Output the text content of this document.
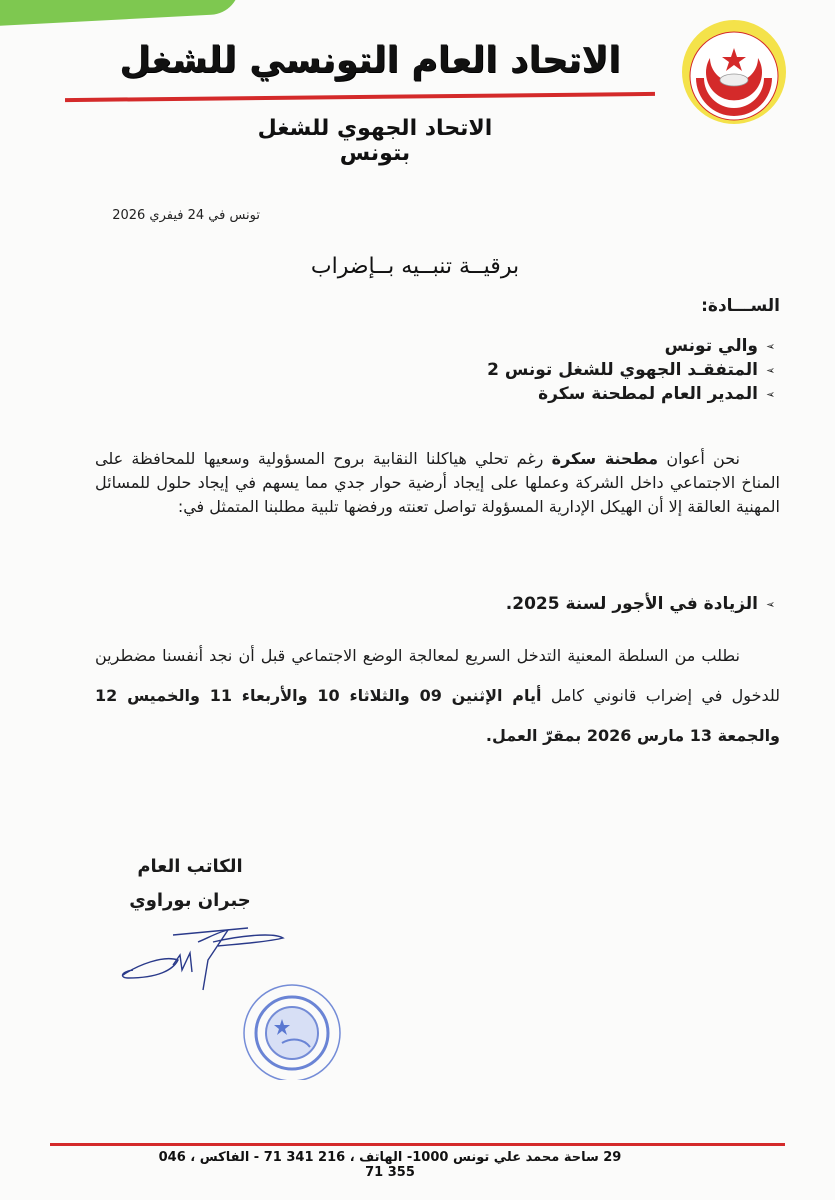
الاتحاد العام التونسي للشغل
الاتحاد الجهوي للشغل بتونس
تونس في 24 فيفري 2026
برقيــة تنبــيه بــإضراب
الســـادة:
➢
والي تونس
➢
المتفقـد الجهوي للشغل تونس 2
➢
المدير العام لمطحنة سكرة

نحن أعوان مطحنة سكرة رغم تحلي هياكلنا النقابية بروح المسؤولية وسعيها للمحافظة على المناخ الاجتماعي داخل الشركة وعملها على إيجاد أرضية حوار جدي مما يسهم في إيجاد حلول للمسائل المهنية العالقة إلا أن الهيكل الإدارية المسؤولة تواصل تعنته ورفضها تلبية مطلبنا المتمثل في:

➢
الزيادة في الأجور لسنة 2025.

نطلب من السلطة المعنية التدخل السريع لمعالجة الوضع الاجتماعي قبل أن نجد أنفسنا مضطرين للدخول في إضراب قانوني كامل أيام الإثنين 09 والثلاثاء 10 والأربعاء 11 والخميس 12 والجمعة 13 مارس 2026 بمقرّ العمل.

الكاتب العام
جبران بوراوي
29 ساحة محمد علي تونس 1000- الهاتف ، 216 341 71 - الفاكس ، 046 355 71
